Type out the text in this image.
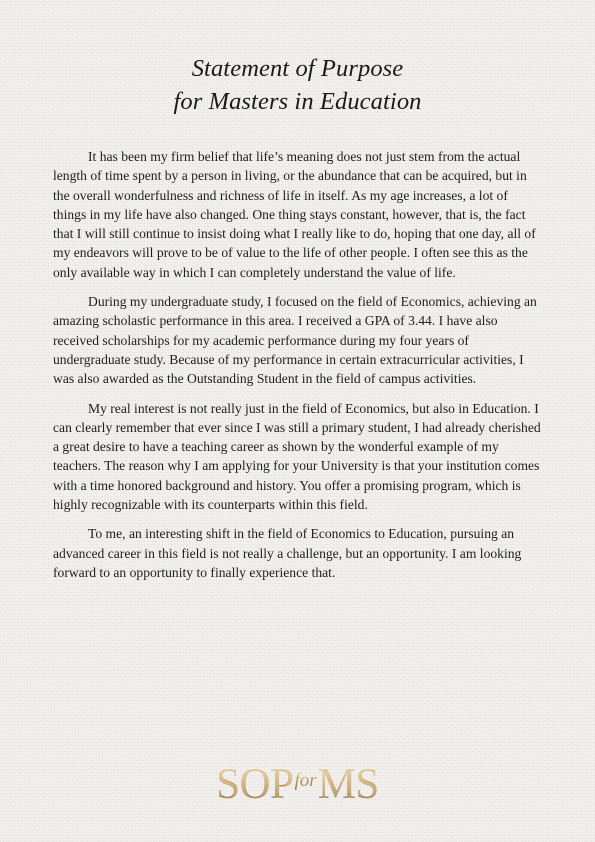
Statement of Purpose
for Masters in Education

It has been my firm belief that life’s meaning does not just stem from the actual length of time spent by a person in living, or the abundance that can be acquired, but in the overall wonderfulness and richness of life in itself. As my age increases, a lot of things in my life have also changed. One thing stays constant, however, that is, the fact that I will still continue to insist doing what I really like to do, hoping that one day, all of my endeavors will prove to be of value to the life of other people. I often see this as the only available way in which I can completely understand the value of life.

During my undergraduate study, I focused on the field of Economics, achieving an amazing scholastic performance in this area. I received a GPA of 3.44. I have also received scholarships for my academic performance during my four years of undergraduate study. Because of my performance in certain extracurricular activities, I was also awarded as the Outstanding Student in the field of campus activities.

My real interest is not really just in the field of Economics, but also in Education. I can clearly remember that ever since I was still a primary student, I had already cherished a great desire to have a teaching career as shown by the wonderful example of my teachers. The reason why I am applying for your University is that your institution comes with a time honored background and history. You offer a promising program, which is highly recognizable with its counterparts within this field.

To me, an interesting shift in the field of Economics to Education, pursuing an advanced career in this field is not really a challenge, but an opportunity. I am looking forward to an opportunity to finally experience that.

SOPforMS
